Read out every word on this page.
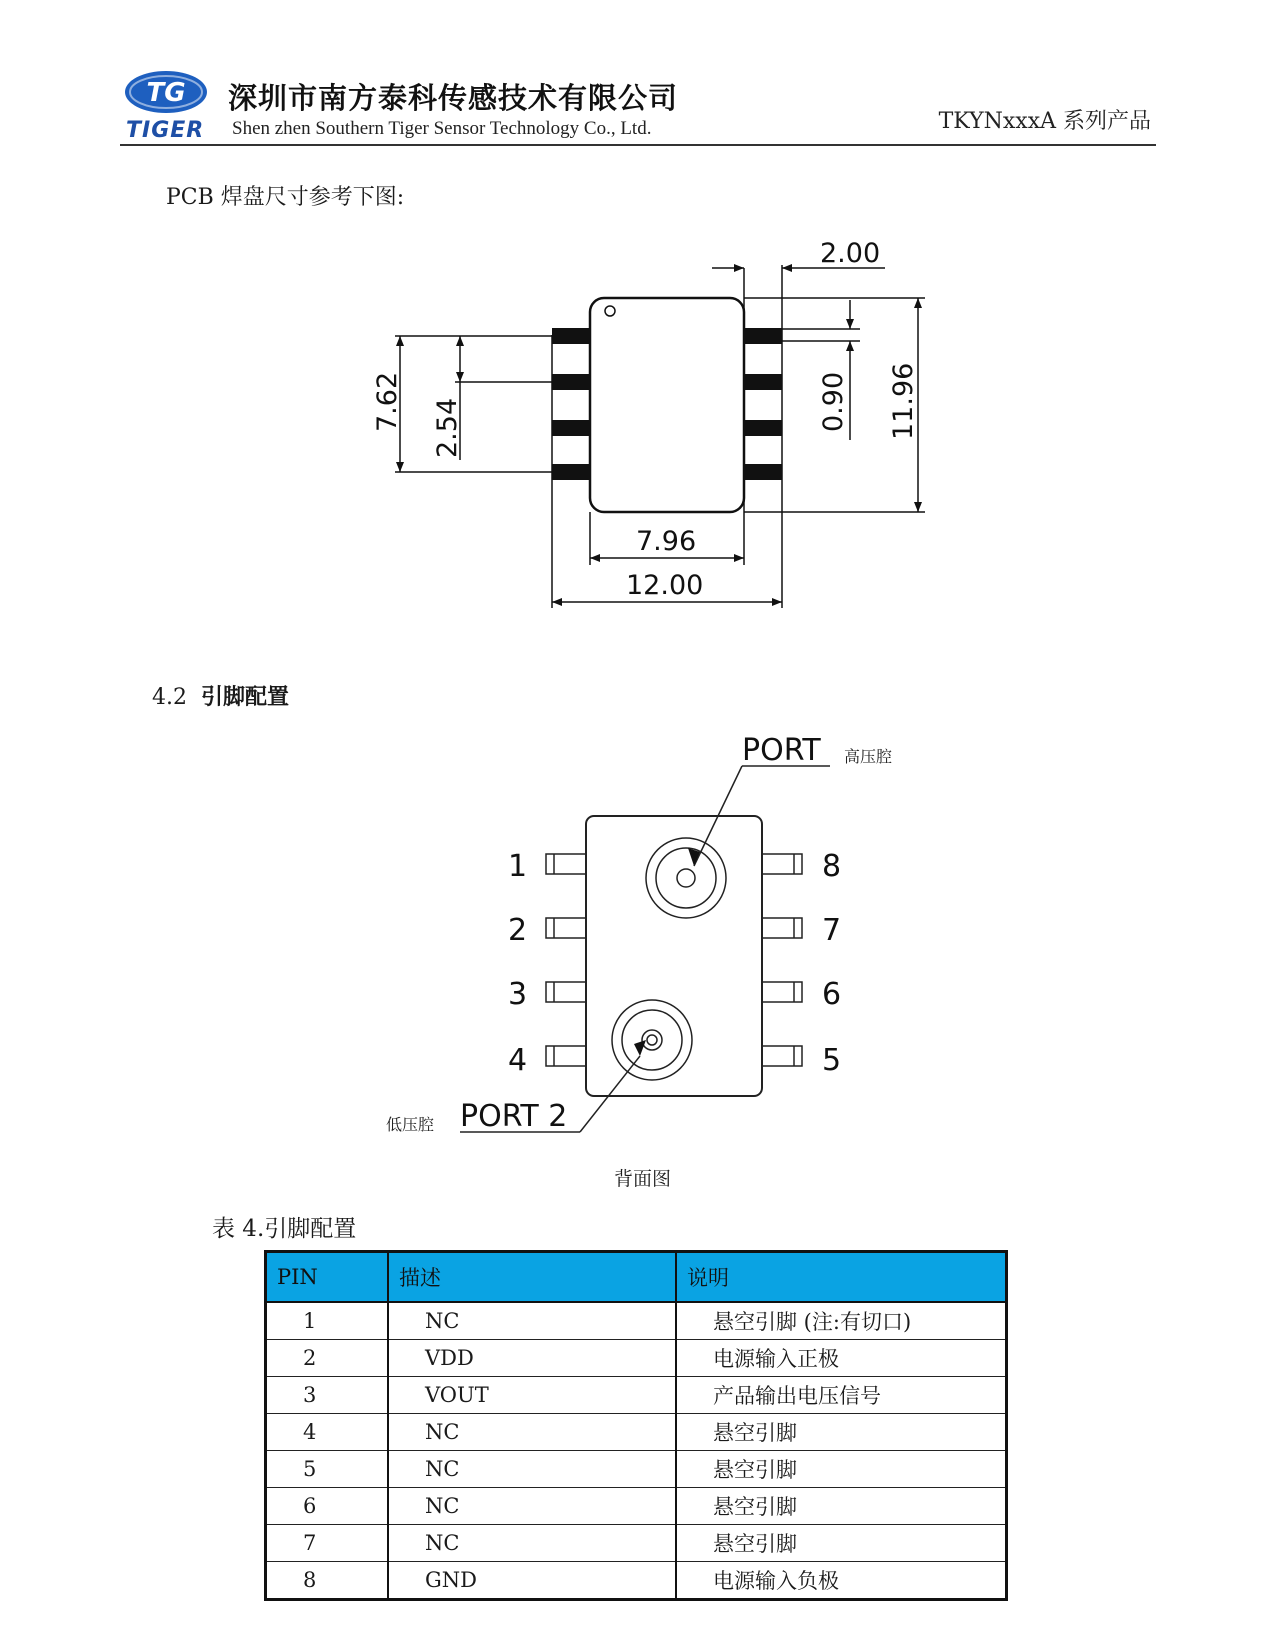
TG
TIGER
深圳市南方泰科传感技术有限公司
Shen zhen Southern Tiger Sensor Technology Co., Ltd.	TKYNxxxA 系列产品
PCB 焊盘尺寸参考下图:
2.00
0.90 11.96
7.62 2.54
7.96
12.00
4.2 引脚配置
PORT
PORT 2
1
2
3
4
8
7
6
5
高压腔
低压腔
背面图
表 4.引脚配置
PIN	描述	说明
1	NC	悬空引脚 (注:有切口)
2	VDD	电源输入正极
3	VOUT	产品输出电压信号
4	NC	悬空引脚
5	NC	悬空引脚
6	NC	悬空引脚
7	NC	悬空引脚
8	GND	电源输入负极
